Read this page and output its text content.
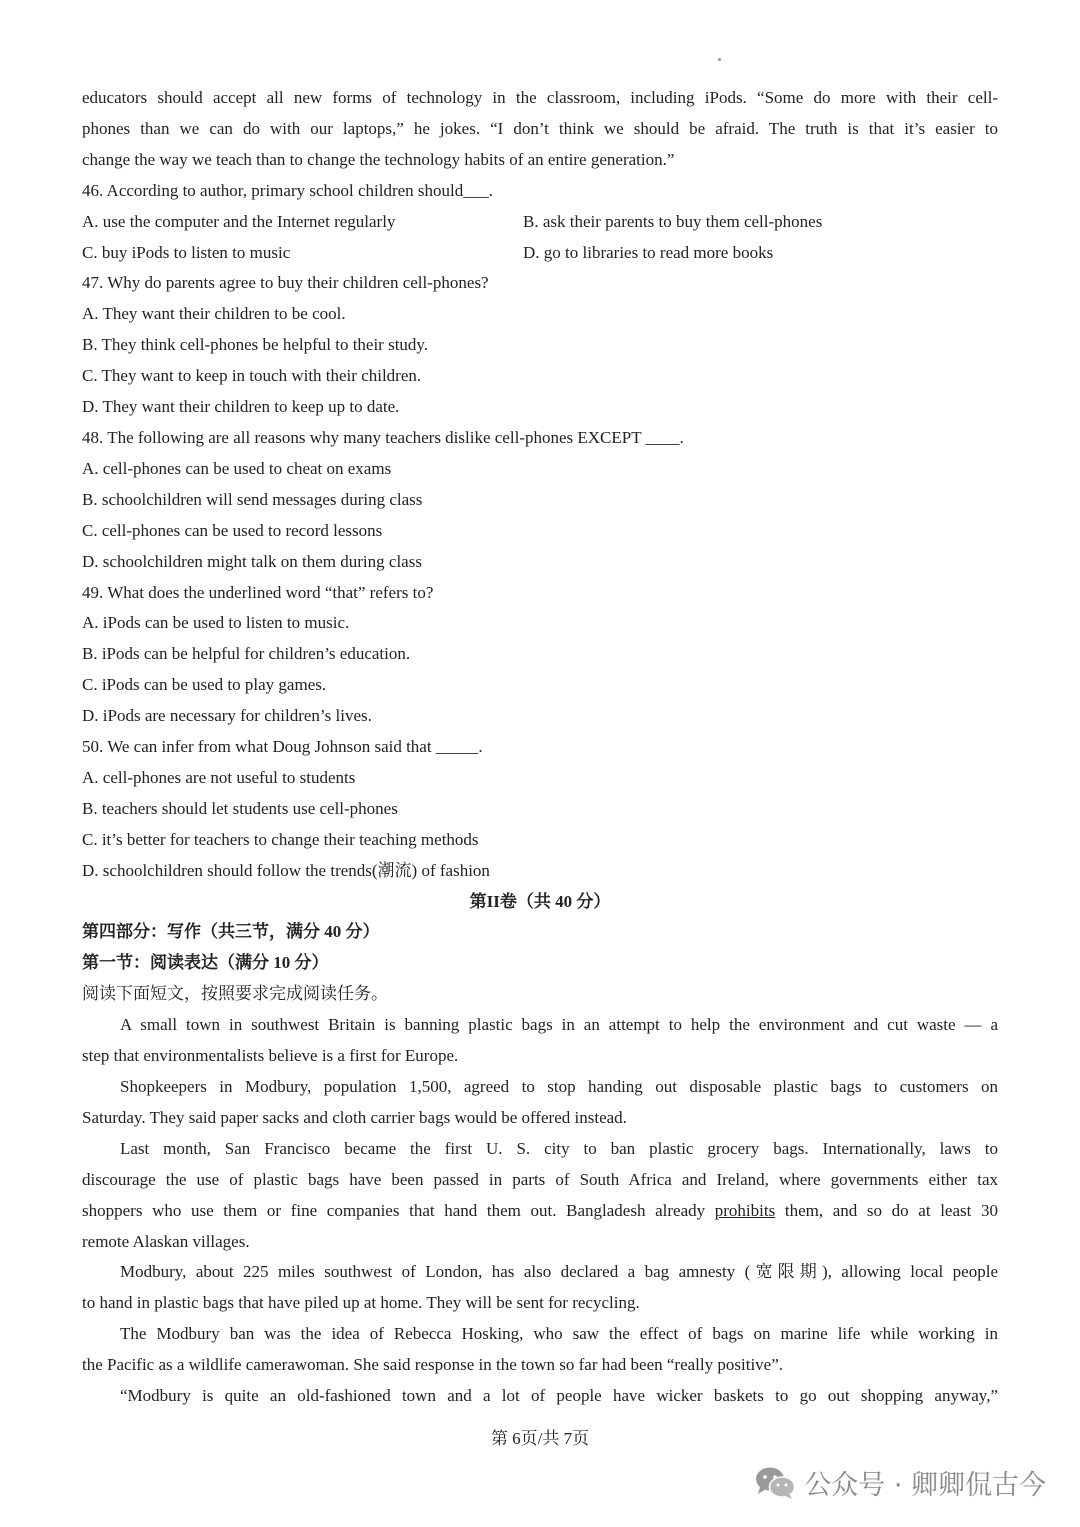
educators should accept all new forms of technology in the classroom, including iPods. “Some do more with their cell-
phones than we can do with our laptops,” he jokes. “I don’t think we should be afraid. The truth is that it’s easier to
change the way we teach than to change the technology habits of an entire generation.”
46. According to author, primary school children should___.
A. use the computer and the Internet regularly	B. ask their parents to buy them cell-phones
C. buy iPods to listen to music	D. go to libraries to read more books
47. Why do parents agree to buy their children cell-phones?
A. They want their children to be cool.
B. They think cell-phones be helpful to their study.
C. They want to keep in touch with their children.
D. They want their children to keep up to date.
48. The following are all reasons why many teachers dislike cell-phones EXCEPT ____.
A. cell-phones can be used to cheat on exams
B. schoolchildren will send messages during class
C. cell-phones can be used to record lessons
D. schoolchildren might talk on them during class
49. What does the underlined word “that” refers to?
A. iPods can be used to listen to music.
B. iPods can be helpful for children’s education.
C. iPods can be used to play games.
D. iPods are necessary for children’s lives.
50. We can infer from what Doug Johnson said that _____.
A. cell-phones are not useful to students
B. teachers should let students use cell-phones
C. it’s better for teachers to change their teaching methods
D. schoolchildren should follow the trends(潮流) of fashion
第II卷（共 40 分）
第四部分：写作（共三节，满分 40 分）
第一节：阅读表达（满分 10 分）
阅读下面短文，按照要求完成阅读任务。
A small town in southwest Britain is banning plastic bags in an attempt to help the environment and cut waste — a
step that environmentalists believe is a first for Europe.
Shopkeepers in Modbury, population 1,500, agreed to stop handing out disposable plastic bags to customers on
Saturday. They said paper sacks and cloth carrier bags would be offered instead.
Last month, San Francisco became the first U. S. city to ban plastic grocery bags. Internationally, laws to
discourage the use of plastic bags have been passed in parts of South Africa and Ireland, where governments either tax
shoppers who use them or fine companies that hand them out. Bangladesh already prohibits them, and so do at least 30
remote Alaskan villages.
Modbury, about 225 miles southwest of London, has also declared a bag amnesty (宽限期), allowing local people
to hand in plastic bags that have piled up at home. They will be sent for recycling.
The Modbury ban was the idea of Rebecca Hosking, who saw the effect of bags on marine life while working in
the Pacific as a wildlife camerawoman. She said response in the town so far had been “really positive”.
“Modbury is quite an old-fashioned town and a lot of people have wicker baskets to go out shopping anyway,”
第 6页/共 7页
公众号 · 卿卿侃古今
